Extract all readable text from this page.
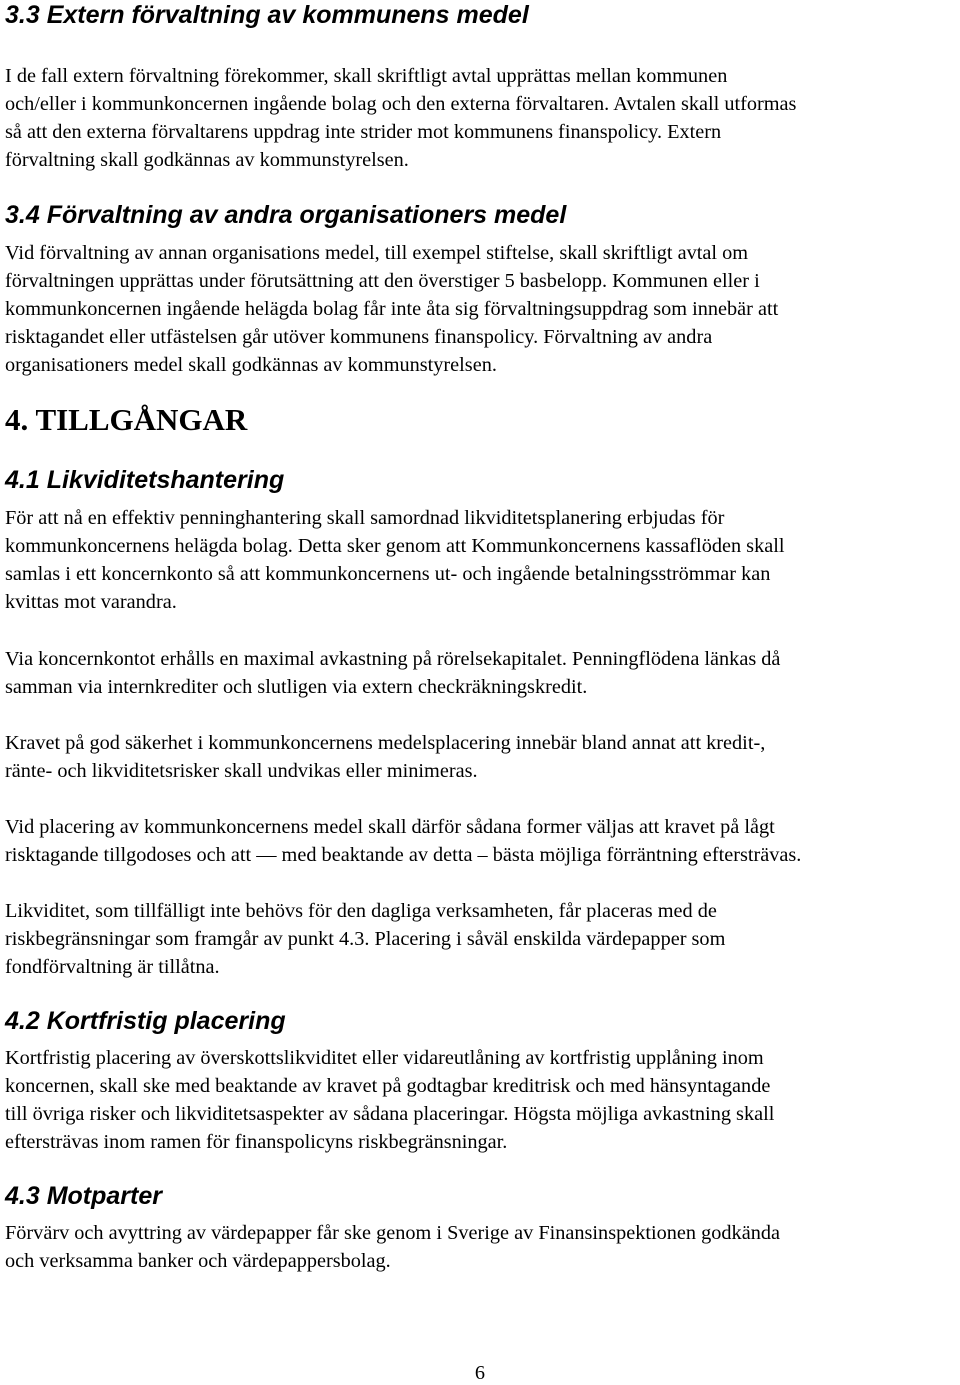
3.3 Extern förvaltning av kommunens medel

I de fall extern förvaltning förekommer, skall skriftligt avtal upprättas mellan kommunen
och/eller i kommunkoncernen ingående bolag och den externa förvaltaren. Avtalen skall utformas
så att den externa förvaltarens uppdrag inte strider mot kommunens finanspolicy. Extern
förvaltning skall godkännas av kommunstyrelsen.

3.4 Förvaltning av andra organisationers medel

Vid förvaltning av annan organisations medel, till exempel stiftelse, skall skriftligt avtal om
förvaltningen upprättas under förutsättning att den överstiger 5 basbelopp. Kommunen eller i
kommunkoncernen ingående helägda bolag får inte åta sig förvaltningsuppdrag som innebär att
risktagandet eller utfästelsen går utöver kommunens finanspolicy. Förvaltning av andra
organisationers medel skall godkännas av kommunstyrelsen.

4. TILLGÅNGAR
4.1 Likviditetshantering

För att nå en effektiv penninghantering skall samordnad likviditetsplanering erbjudas för
kommunkoncernens helägda bolag. Detta sker genom att Kommunkoncernens kassaflöden skall
samlas i ett koncernkonto så att kommunkoncernens ut- och ingående betalningsströmmar kan
kvittas mot varandra.

Via koncernkontot erhålls en maximal avkastning på rörelsekapitalet. Penningflödena länkas då
samman via internkrediter och slutligen via extern checkräkningskredit.

Kravet på god säkerhet i kommunkoncernens medelsplacering innebär bland annat att kredit-,
ränte- och likviditetsrisker skall undvikas eller minimeras.

Vid placering av kommunkoncernens medel skall därför sådana former väljas att kravet på lågt
risktagande tillgodoses och att — med beaktande av detta – bästa möjliga förräntning eftersträvas.

Likviditet, som tillfälligt inte behövs för den dagliga verksamheten, får placeras med de
riskbegränsningar som framgår av punkt 4.3. Placering i såväl enskilda värdepapper som
fondförvaltning är tillåtna.

4.2 Kortfristig placering

Kortfristig placering av överskottslikviditet eller vidareutlåning av kortfristig upplåning inom
koncernen, skall ske med beaktande av kravet på godtagbar kreditrisk och med hänsyntagande
till övriga risker och likviditetsaspekter av sådana placeringar. Högsta möjliga avkastning skall
eftersträvas inom ramen för finanspolicyns riskbegränsningar.

4.3 Motparter

Förvärv och avyttring av värdepapper får ske genom i Sverige av Finansinspektionen godkända
och verksamma banker och värdepappersbolag.

6
